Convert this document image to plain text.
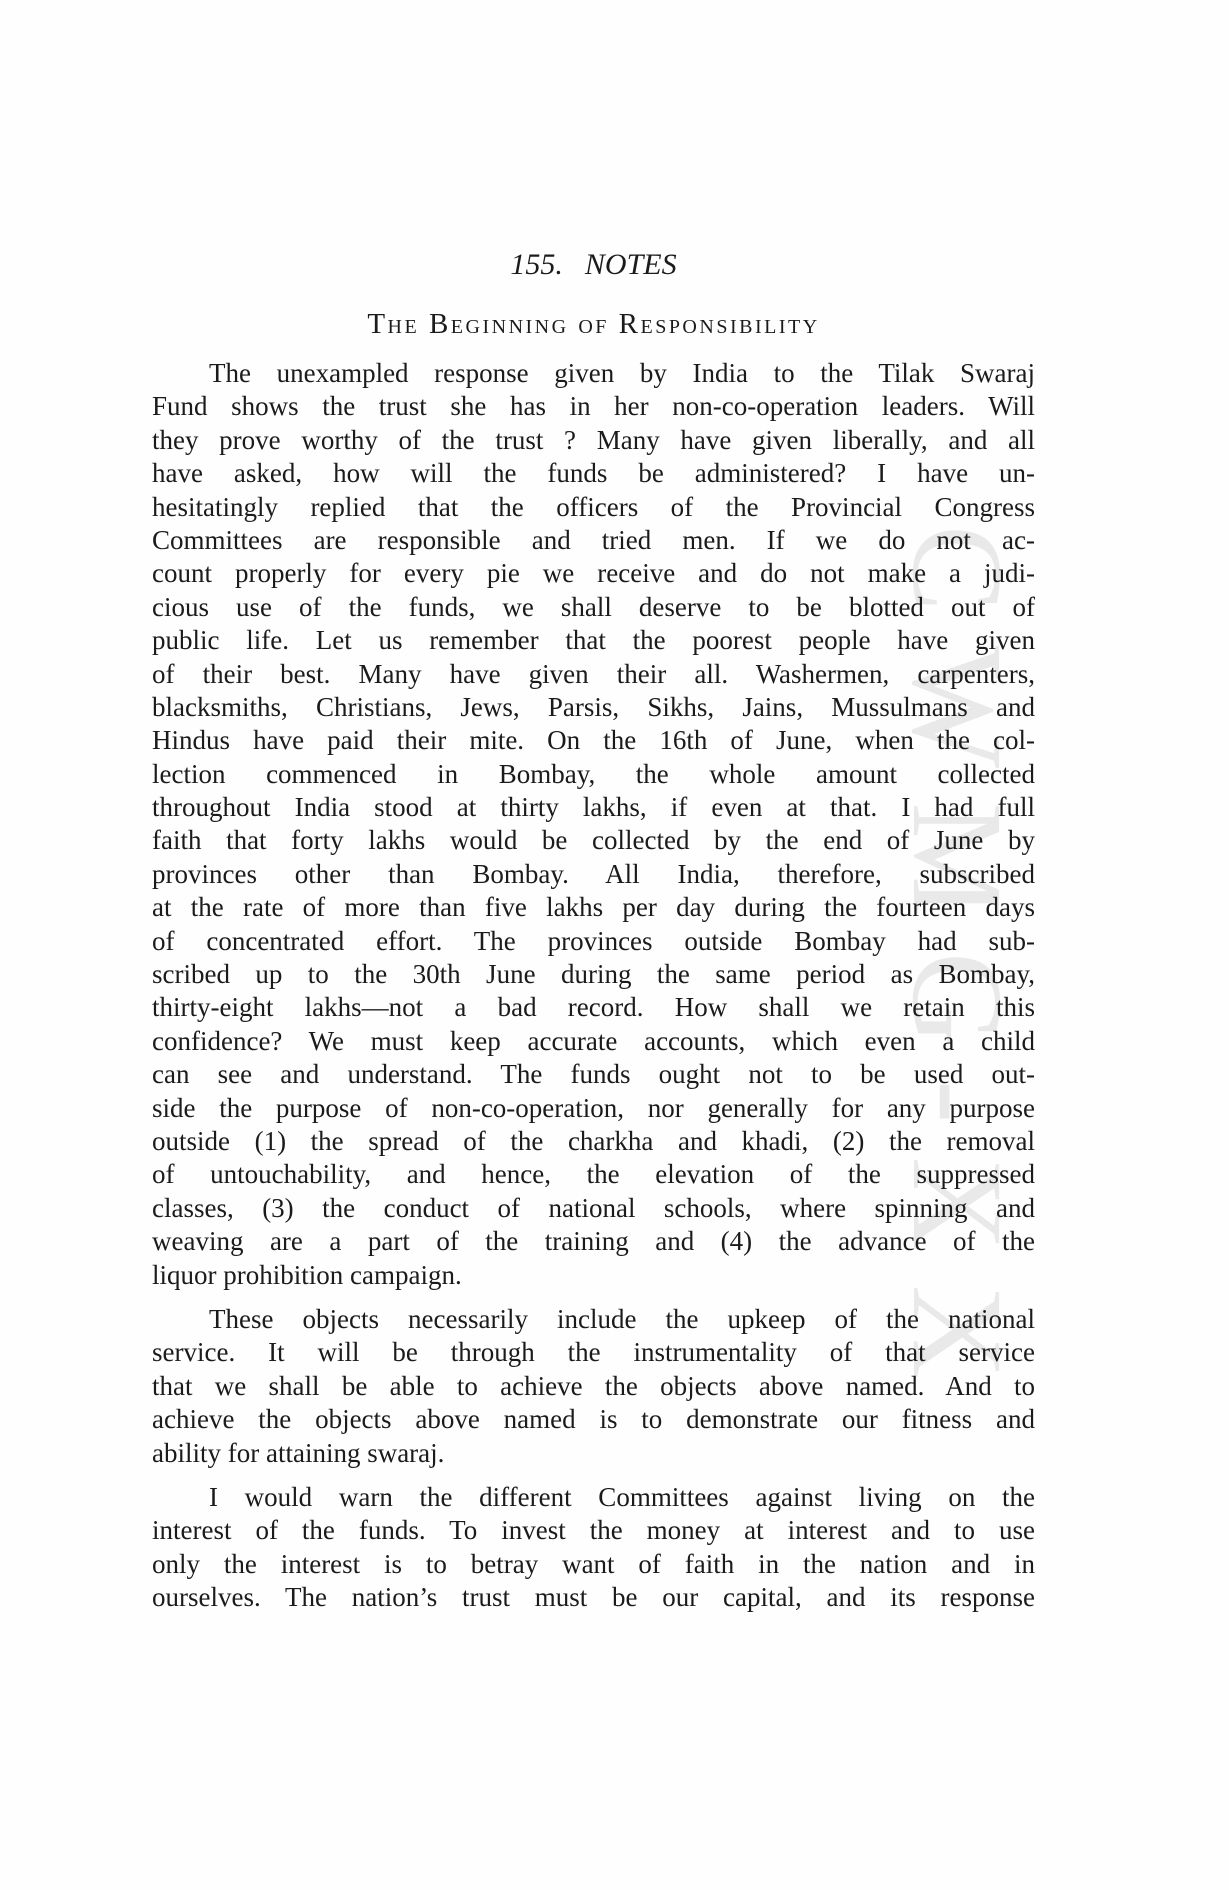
CWMG-XX
155. NOTES
The Beginning of Responsibility
The unexampled response given by India to the Tilak Swaraj
Fund shows the trust she has in her non-co-operation leaders. Will
they prove worthy of the trust ? Many have given liberally, and all
have asked, how will the funds be administered? I have un-
hesitatingly replied that the officers of the Provincial Congress
Committees are responsible and tried men. If we do not ac-
count properly for every pie we receive and do not make a judi-
cious use of the funds, we shall deserve to be blotted out of
public life. Let us remember that the poorest people have given
of their best. Many have given their all. Washermen, carpenters,
blacksmiths, Christians, Jews, Parsis, Sikhs, Jains, Mussulmans and
Hindus have paid their mite. On the 16th of June, when the col-
lection commenced in Bombay, the whole amount collected
throughout India stood at thirty lakhs, if even at that. I had full
faith that forty lakhs would be collected by the end of June by
provinces other than Bombay. All India, therefore, subscribed
at the rate of more than five lakhs per day during the fourteen days
of concentrated effort. The provinces outside Bombay had sub-
scribed up to the 30th June during the same period as Bombay,
thirty-eight lakhs—not a bad record. How shall we retain this
confidence? We must keep accurate accounts, which even a child
can see and understand. The funds ought not to be used out-
side the purpose of non-co-operation, nor generally for any purpose
outside (1) the spread of the charkha and khadi, (2) the removal
of untouchability, and hence, the elevation of the suppressed
classes, (3) the conduct of national schools, where spinning and
weaving are a part of the training and (4) the advance of the
liquor prohibition campaign.
These objects necessarily include the upkeep of the national
service. It will be through the instrumentality of that service
that we shall be able to achieve the objects above named. And to
achieve the objects above named is to demonstrate our fitness and
ability for attaining swaraj.
I would warn the different Committees against living on the
interest of the funds. To invest the money at interest and to use
only the interest is to betray want of faith in the nation and in
ourselves. The nation’s trust must be our capital, and its response
